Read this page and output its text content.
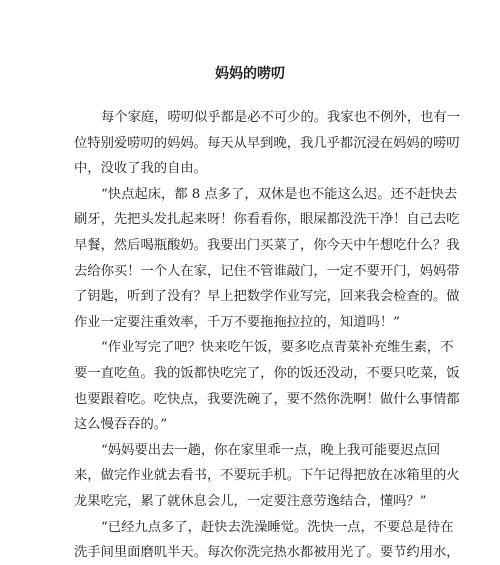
妈妈的唠叨
每个家庭，唠叨似乎都是必不可少的。我家也不例外，也有一
位特别爱唠叨的妈妈。每天从早到晚，我几乎都沉浸在妈妈的唠叨
中，没收了我的自由。
“快点起床，都 8 点多了，双休是也不能这么迟。还不赶快去
刷牙，先把头发扎起来呀！你看看你，眼屎都没洗干净！自己去吃
早餐，然后喝瓶酸奶。我要出门买菜了，你今天中午想吃什么？我
去给你买！一个人在家，记住不管谁敲门，一定不要开门，妈妈带
了钥匙，听到了没有？早上把数学作业写完，回来我会检查的。做
作业一定要注重效率，千万不要拖拖拉拉的，知道吗！”
“作业写完了吧？快来吃午饭，要多吃点青菜补充维生素，不
要一直吃鱼。我的饭都快吃完了，你的饭还没动，不要只吃菜，饭
也要跟着吃。吃快点，我要洗碗了，要不然你洗啊！做什么事情都
这么慢吞吞的。”
“妈妈要出去一趟，你在家里乖一点，晚上我可能要迟点回
来，做完作业就去看书，不要玩手机。下午记得把放在冰箱里的火
龙果吃完，累了就休息会儿，一定要注意劳逸结合，懂吗？”
“已经九点多了，赶快去洗澡睡觉。洗快一点，不要总是待在
洗手间里面磨叽半天。每次你洗完热水都被用光了。要节约用水，
